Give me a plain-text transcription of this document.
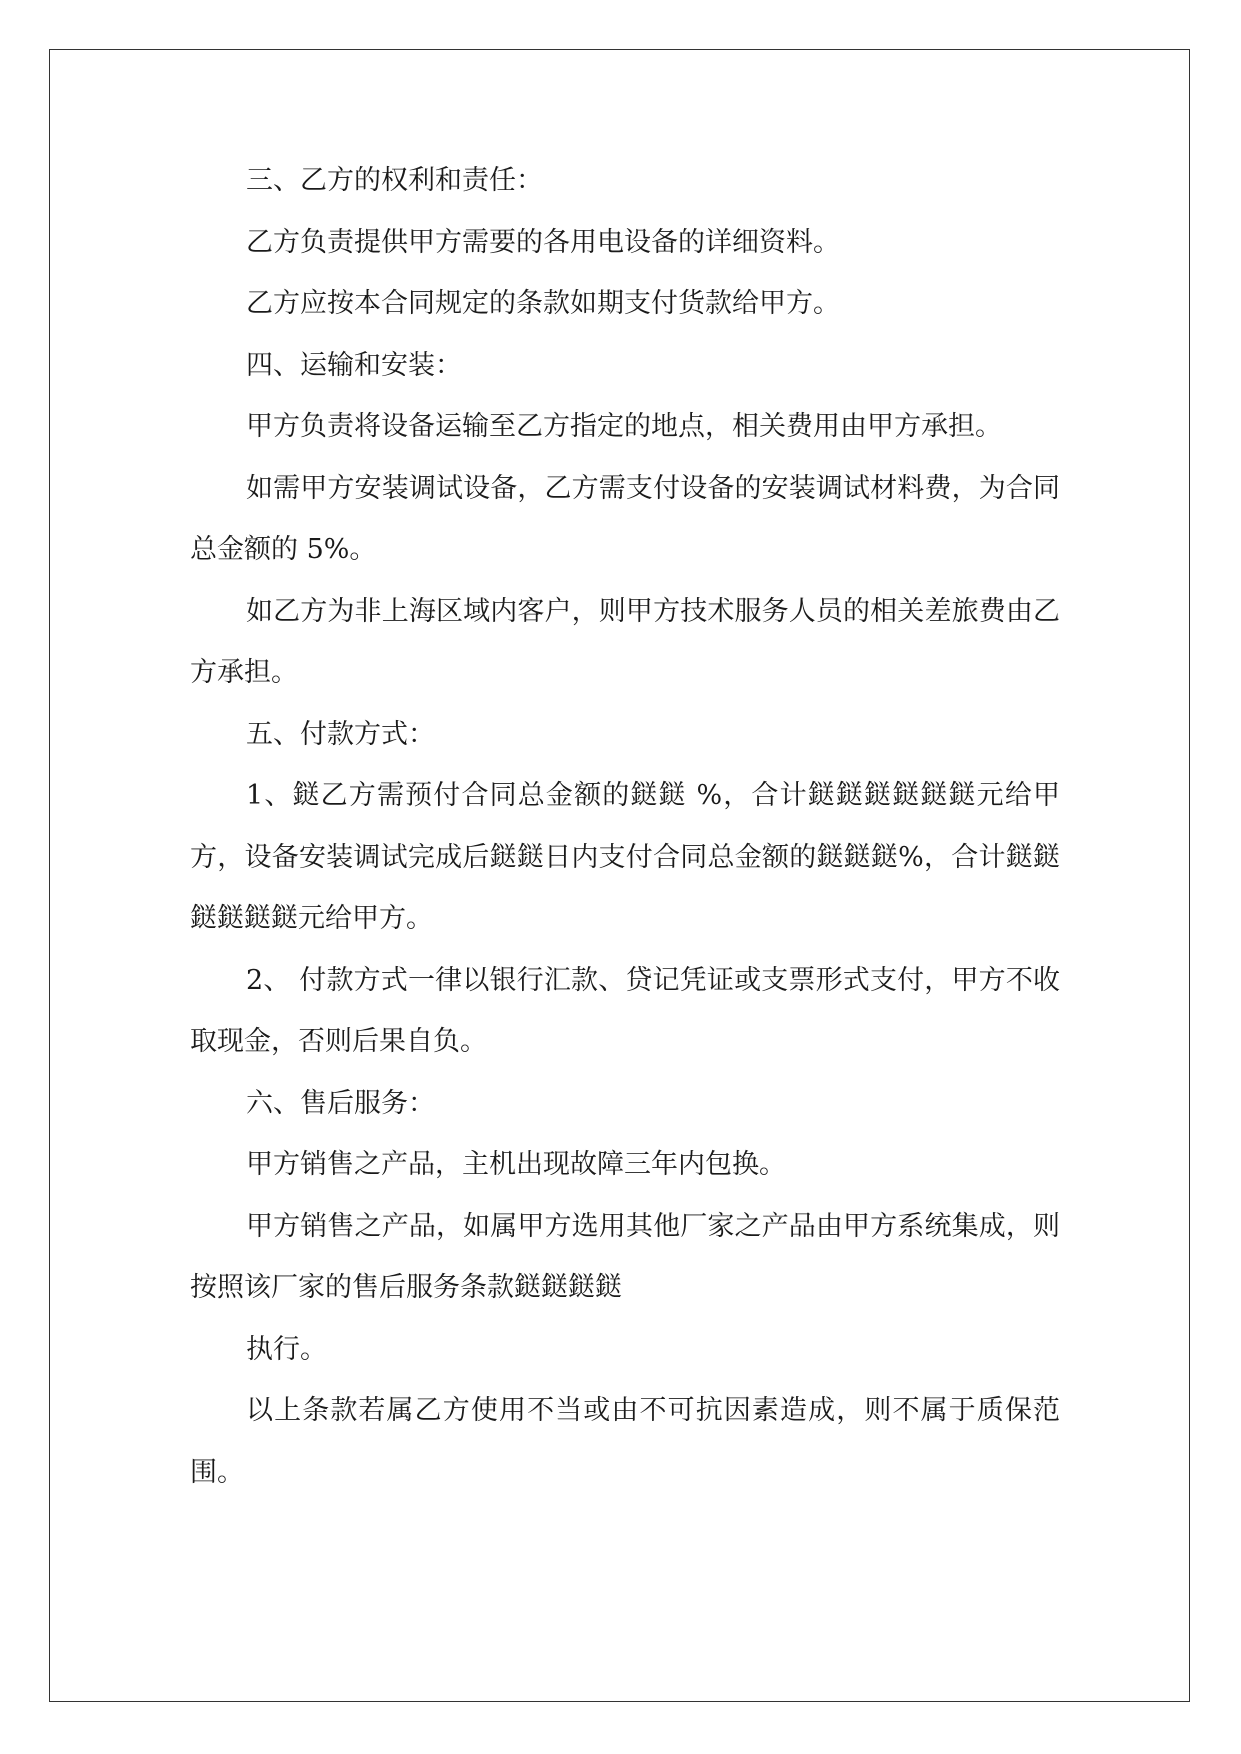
三、乙方的权利和责任：

乙方负责提供甲方需要的各用电设备的详细资料。

乙方应按本合同规定的条款如期支付货款给甲方。

四、运输和安装：

甲方负责将设备运输至乙方指定的地点，相关费用由甲方承担。

如需甲方安装调试设备，乙方需支付设备的安装调试材料费，为合同总金额的 5%。

如乙方为非上海区域内客户，则甲方技术服务人员的相关差旅费由乙方承担。

五、付款方式：

1、鎹乙方需预付合同总金额的鎹鎹 %，合计鎹鎹鎹鎹鎹鎹元给甲方，设备安装调试完成后鎹鎹日内支付合同总金额的鎹鎹鎹%，合计鎹鎹鎹鎹鎹鎹元给甲方。

2、 付款方式一律以银行汇款、贷记凭证或支票形式支付，甲方不收取现金，否则后果自负。

六、售后服务：

甲方销售之产品，主机出现故障三年内包换。

甲方销售之产品，如属甲方选用其他厂家之产品由甲方系统集成，则按照该厂家的售后服务条款鎹鎹鎹鎹

执行。

以上条款若属乙方使用不当或由不可抗因素造成，则不属于质保范围。
